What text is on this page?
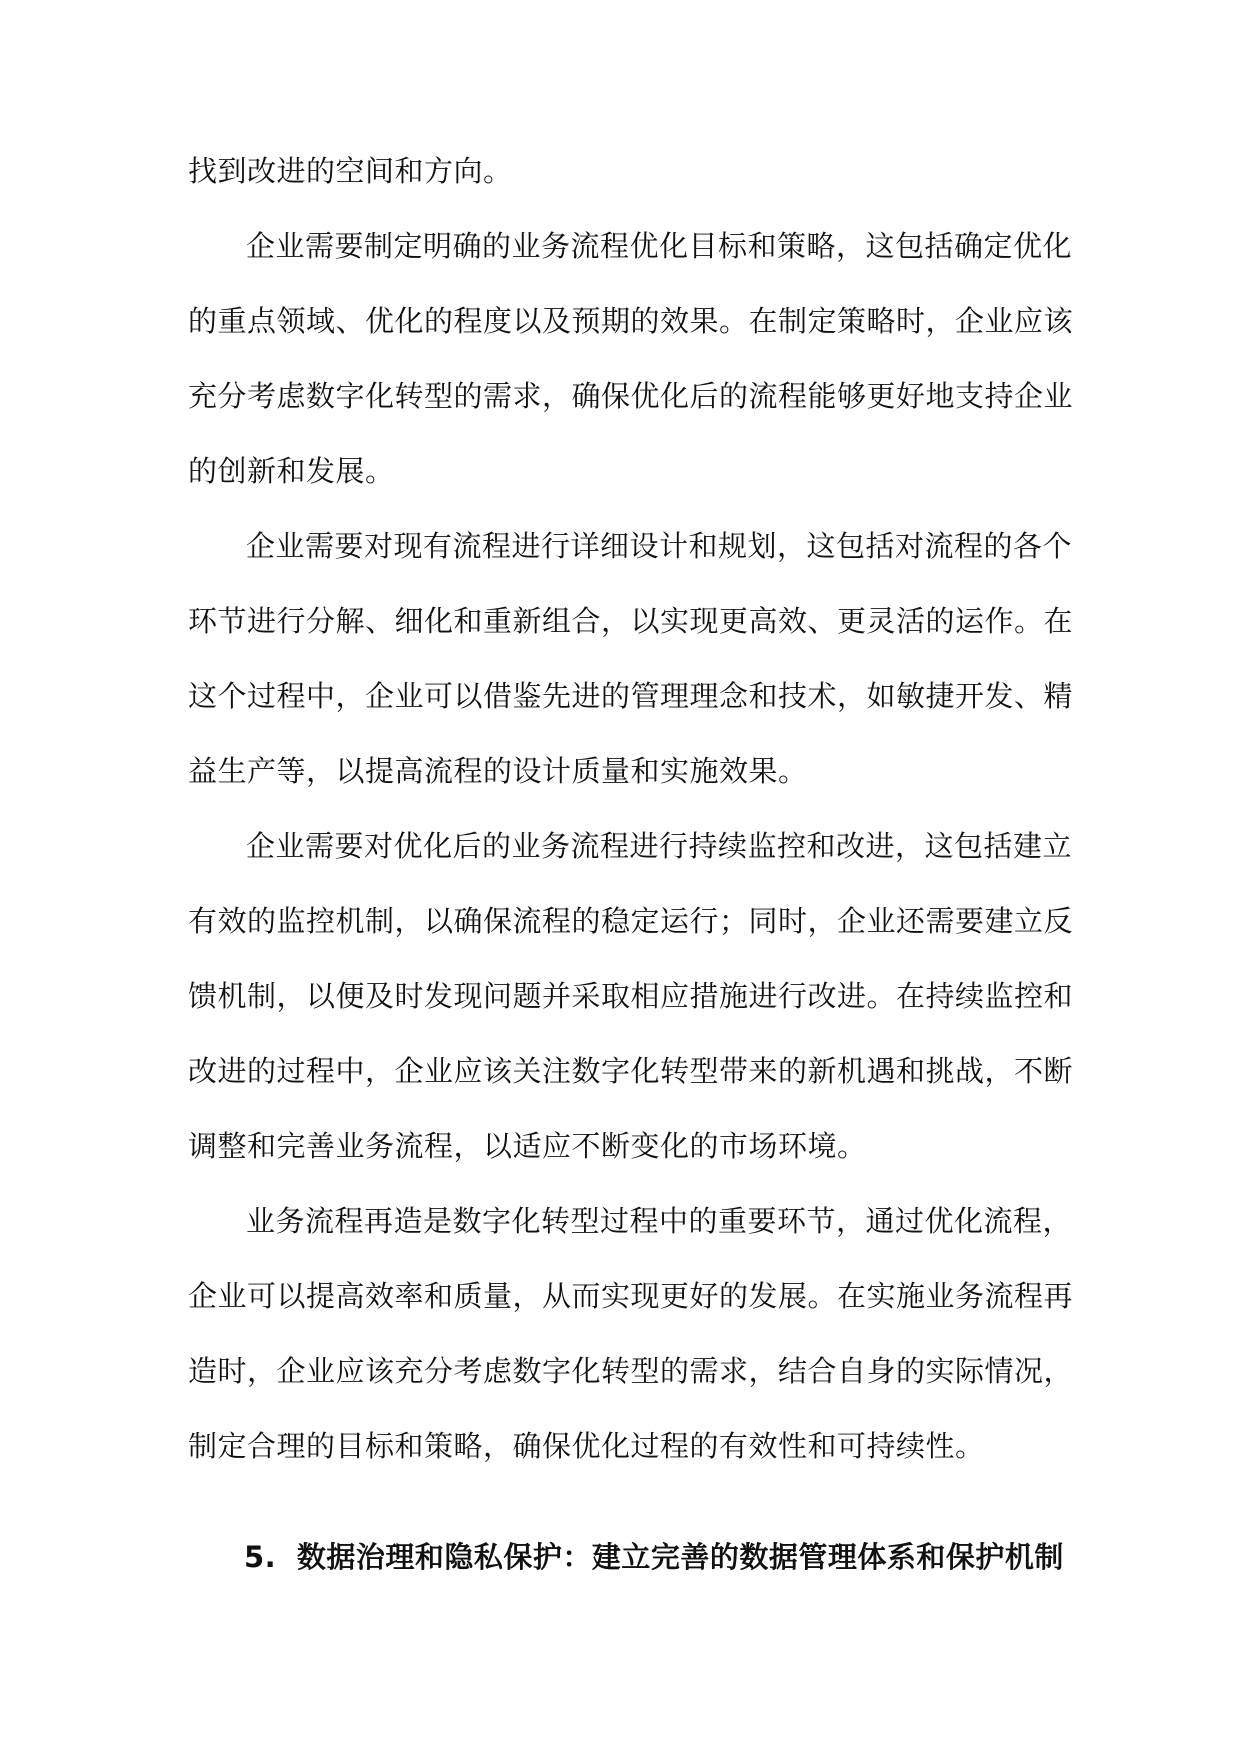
找到改进的空间和方向。
企业需要制定明确的业务流程优化目标和策略，这包括确定优化
的重点领域、优化的程度以及预期的效果。在制定策略时，企业应该
充分考虑数字化转型的需求，确保优化后的流程能够更好地支持企业
的创新和发展。
企业需要对现有流程进行详细设计和规划，这包括对流程的各个
环节进行分解、细化和重新组合，以实现更高效、更灵活的运作。在
这个过程中，企业可以借鉴先进的管理理念和技术，如敏捷开发、精
益生产等，以提高流程的设计质量和实施效果。
企业需要对优化后的业务流程进行持续监控和改进，这包括建立
有效的监控机制，以确保流程的稳定运行；同时，企业还需要建立反
馈机制，以便及时发现问题并采取相应措施进行改进。在持续监控和
改进的过程中，企业应该关注数字化转型带来的新机遇和挑战，不断
调整和完善业务流程，以适应不断变化的市场环境。
业务流程再造是数字化转型过程中的重要环节，通过优化流程，
企业可以提高效率和质量，从而实现更好的发展。在实施业务流程再
造时，企业应该充分考虑数字化转型的需求，结合自身的实际情况，
制定合理的目标和策略，确保优化过程的有效性和可持续性。
5. 数据治理和隐私保护：建立完善的数据管理体系和保护机制
